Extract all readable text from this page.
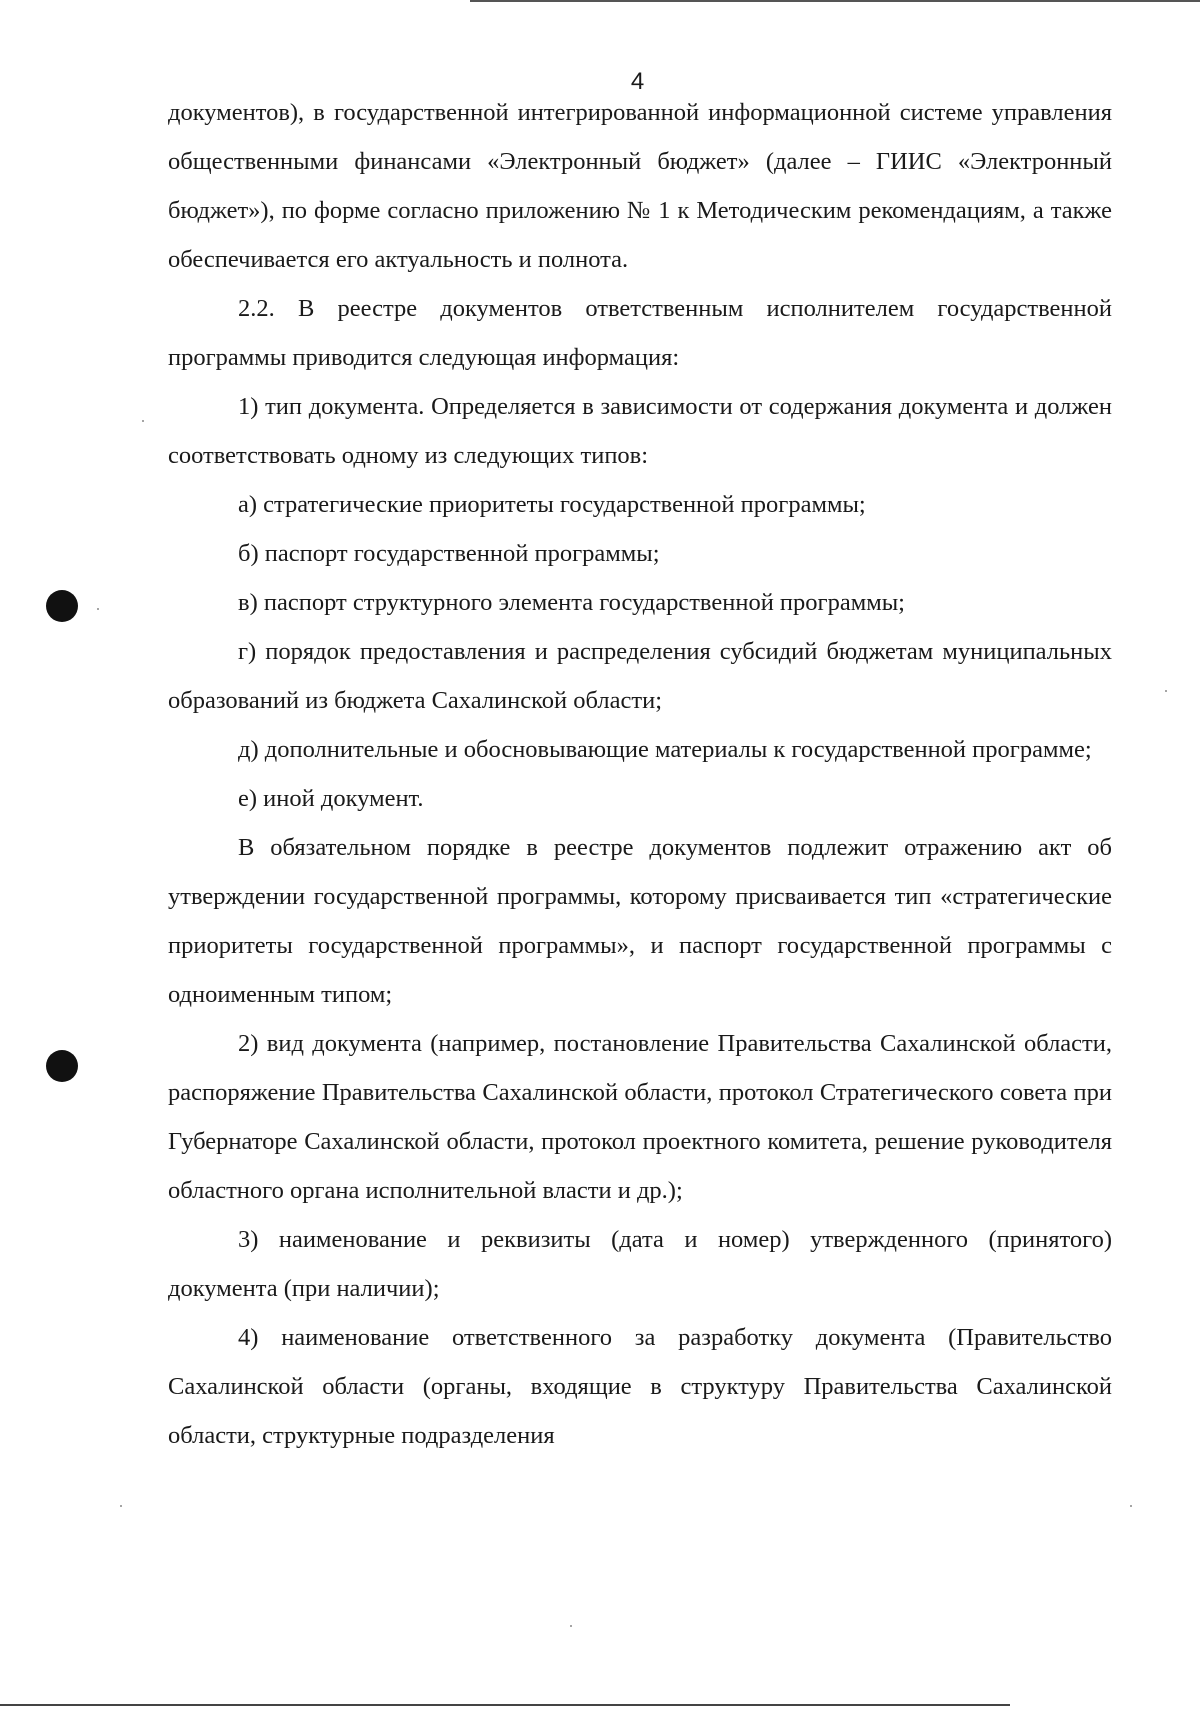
4

документов), в государственной интегрированной информационной системе управления общественными финансами «Электронный бюджет» (далее – ГИИС «Электронный бюджет»), по форме согласно приложению № 1 к Методическим рекомендациям, а также обеспечивается его актуальность и полнота.

2.2. В реестре документов ответственным исполнителем государственной программы приводится следующая информация:

1) тип документа. Определяется в зависимости от содержания документа и должен соответствовать одному из следующих типов:

а) стратегические приоритеты государственной программы;

б) паспорт государственной программы;

в) паспорт структурного элемента государственной программы;

г) порядок предоставления и распределения субсидий бюджетам муниципальных образований из бюджета Сахалинской области;

д) дополнительные и обосновывающие материалы к государственной программе;

е) иной документ.

В обязательном порядке в реестре документов подлежит отражению акт об утверждении государственной программы, которому присваивается тип «стратегические приоритеты государственной программы», и паспорт государственной программы с одноименным типом;

2) вид документа (например, постановление Правительства Сахалинской области, распоряжение Правительства Сахалинской области, протокол Стратегического совета при Губернаторе Сахалинской области, протокол проектного комитета, решение руководителя областного органа исполнительной власти и др.);

3) наименование и реквизиты (дата и номер) утвержденного (принятого) документа (при наличии);

4) наименование ответственного за разработку документа (Правительство Сахалинской области (органы, входящие в структуру Правительства Сахалинской области, структурные подразделения
